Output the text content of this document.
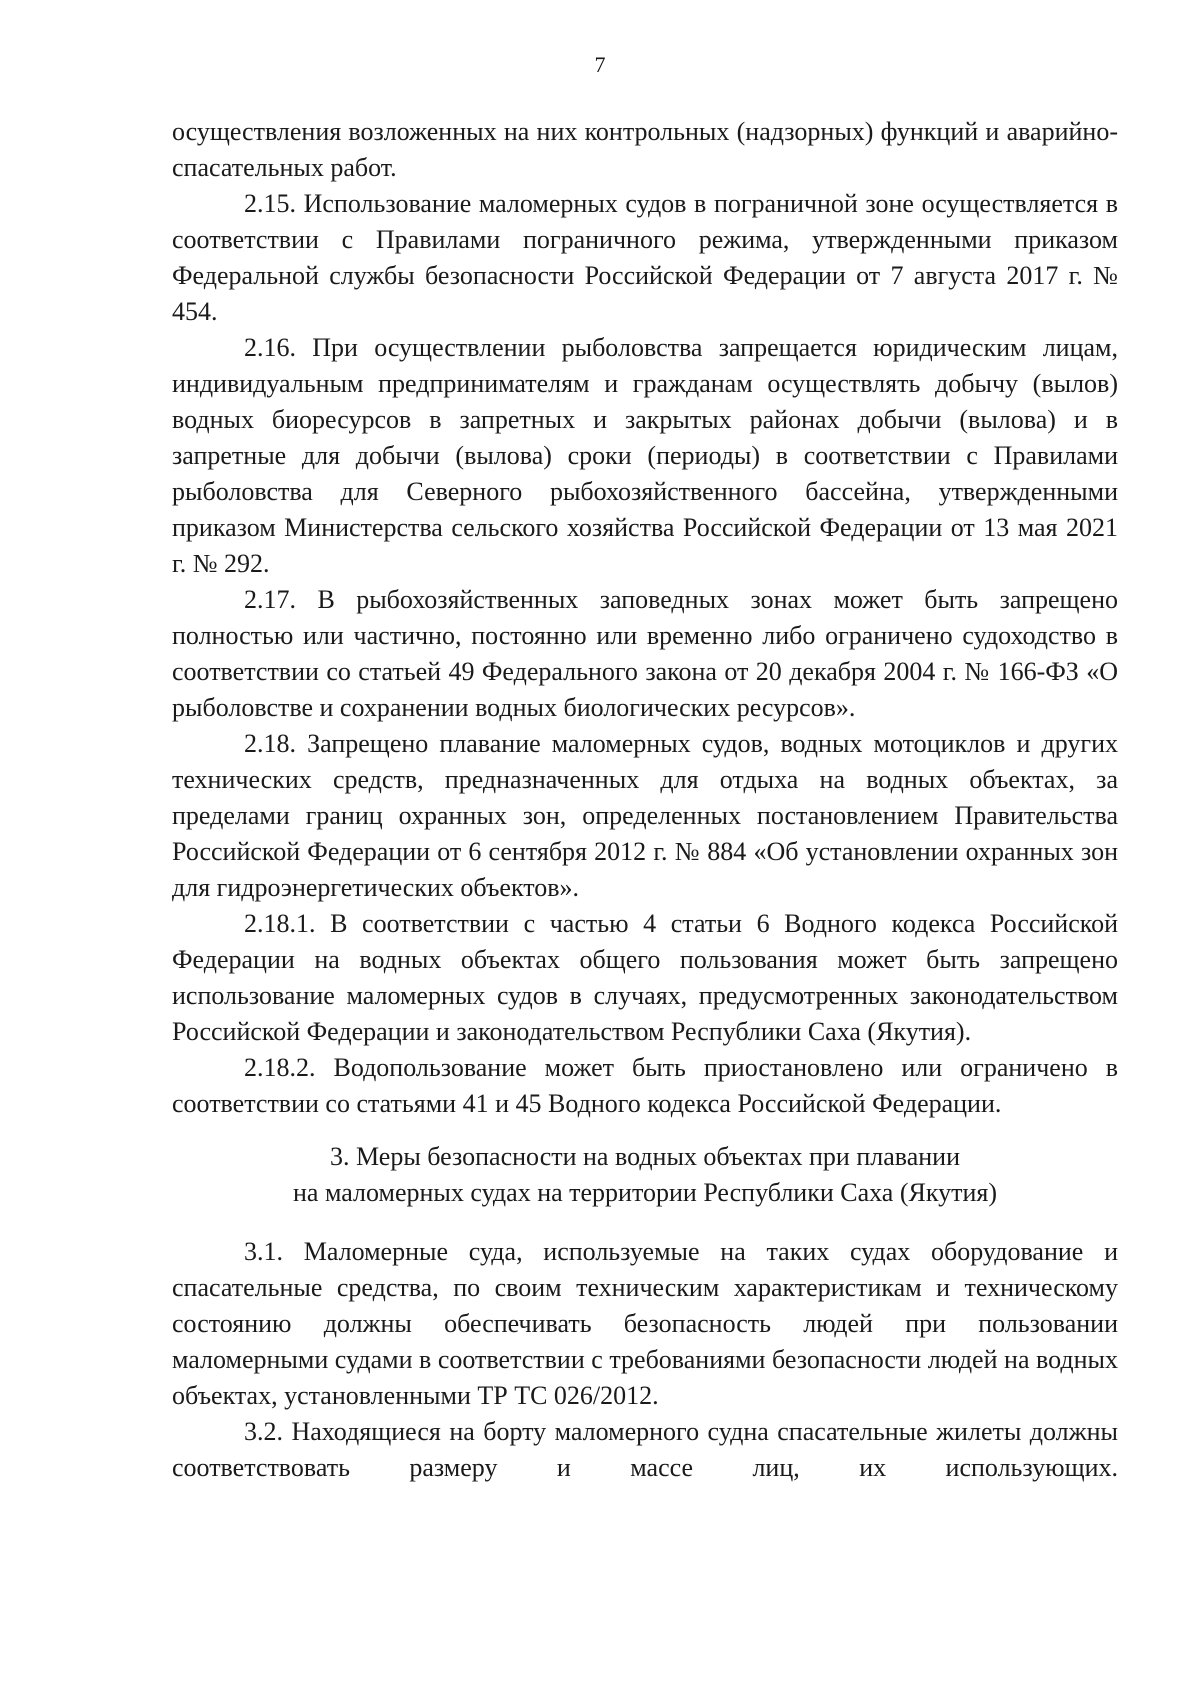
7

осуществления возложенных на них контрольных (надзорных) функций и аварийно-спасательных работ.

2.15. Использование маломерных судов в пограничной зоне осуществляется в соответствии с Правилами пограничного режима, утвержденными приказом Федеральной службы безопасности Российской Федерации от 7 августа 2017 г. № 454.

2.16. При осуществлении рыболовства запрещается юридическим лицам, индивидуальным предпринимателям и гражданам осуществлять добычу (вылов) водных биоресурсов в запретных и закрытых районах добычи (вылова) и в запретные для добычи (вылова) сроки (периоды) в соответствии с Правилами рыболовства для Северного рыбохозяйственного бассейна, утвержденными приказом Министерства сельского хозяйства Российской Федерации от 13 мая 2021 г. № 292.

2.17. В рыбохозяйственных заповедных зонах может быть запрещено полностью или частично, постоянно или временно либо ограничено судоходство в соответствии со статьей 49 Федерального закона от 20 декабря 2004 г. № 166-ФЗ «О рыболовстве и сохранении водных биологических ресурсов».

2.18. Запрещено плавание маломерных судов, водных мотоциклов и других технических средств, предназначенных для отдыха на водных объектах, за пределами границ охранных зон, определенных постановлением Правительства Российской Федерации от 6 сентября 2012 г. № 884 «Об установлении охранных зон для гидроэнергетических объектов».

2.18.1. В соответствии с частью 4 статьи 6 Водного кодекса Российской Федерации на водных объектах общего пользования может быть запрещено использование маломерных судов в случаях, предусмотренных законодательством Российской Федерации и законодательством Республики Саха (Якутия).

2.18.2. Водопользование может быть приостановлено или ограничено в соответствии со статьями 41 и 45 Водного кодекса Российской Федерации.

3. Меры безопасности на водных объектах при плавании
на маломерных судах на территории Республики Саха (Якутия)

3.1. Маломерные суда, используемые на таких судах оборудование и спасательные средства, по своим техническим характеристикам и техническому состоянию должны обеспечивать безопасность людей при пользовании маломерными судами в соответствии с требованиями безопасности людей на водных объектах, установленными ТР ТС 026/2012.

3.2. Находящиеся на борту маломерного судна спасательные жилеты должны соответствовать размеру и массе лиц, их использующих.
